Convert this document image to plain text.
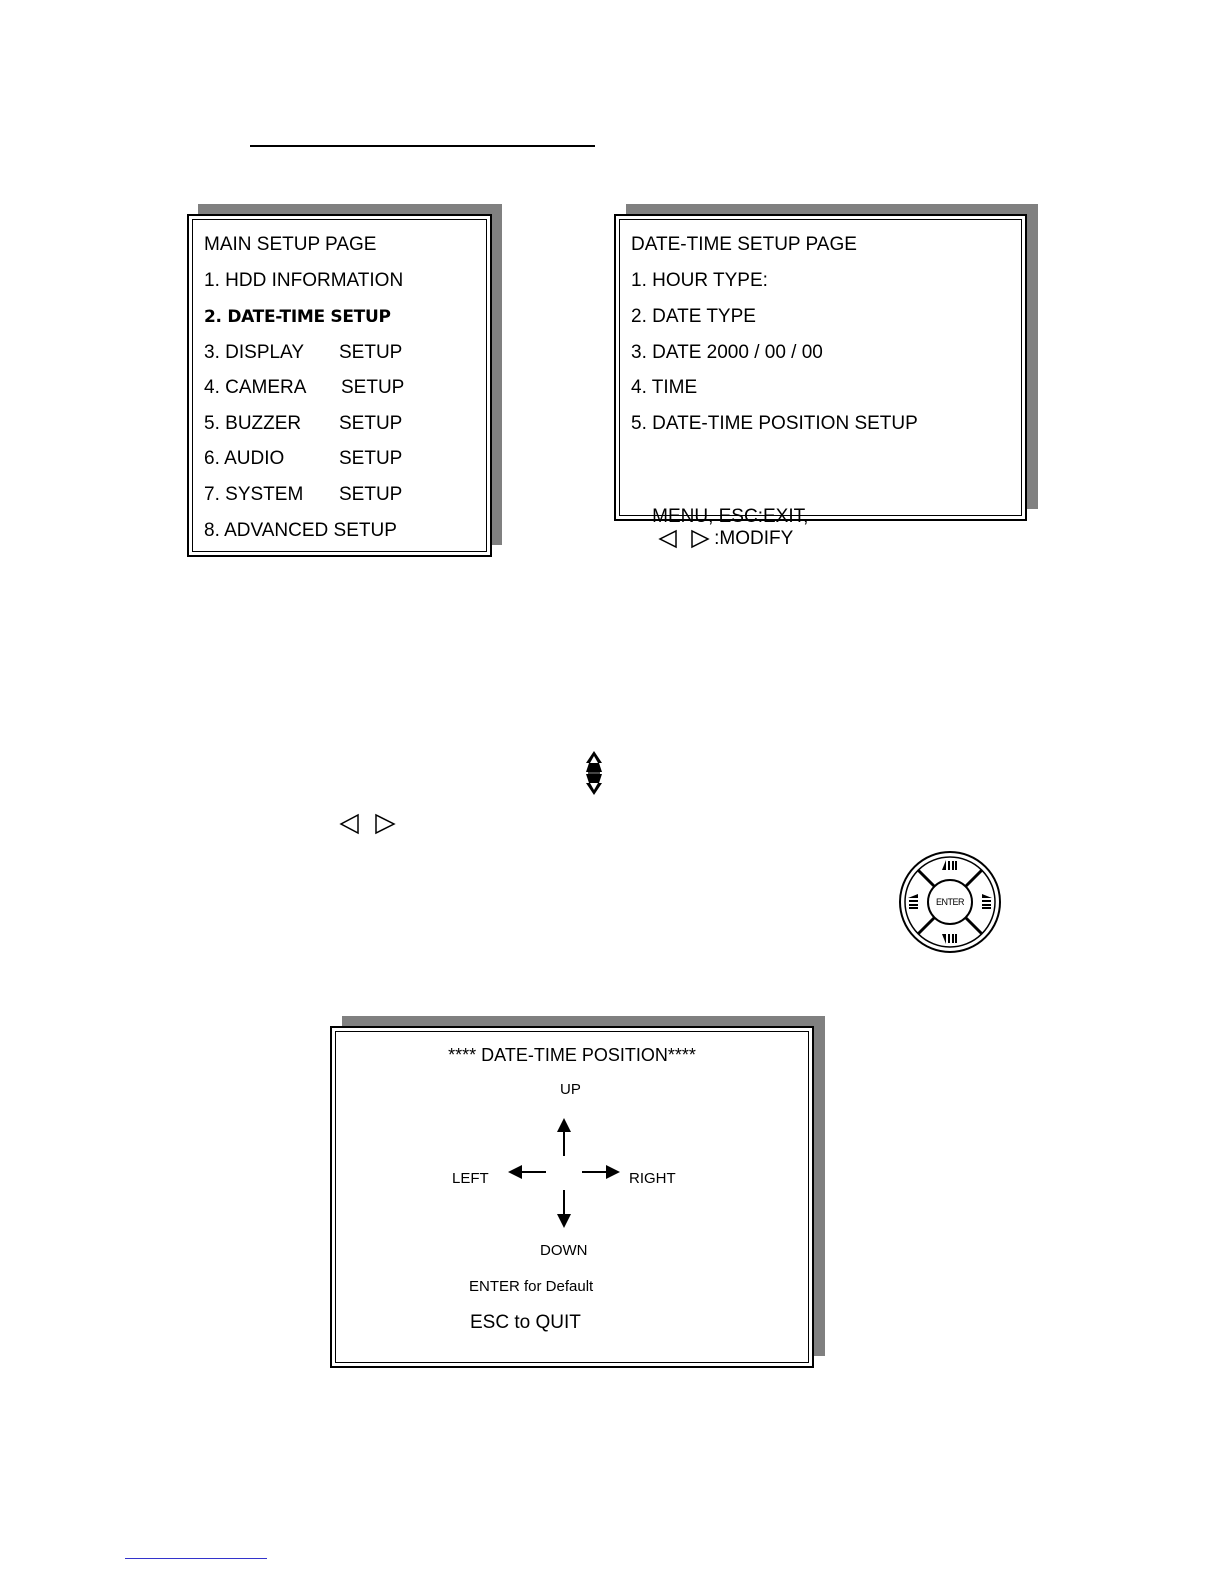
MAIN SETUP PAGE
1. HDD INFORMATION
2. DATE-TIME SETUP
3. DISPLAY SETUP
4. CAMERA SETUP
5. BUZZER SETUP
6. AUDIO	SETUP
7. SYSTEM SETUP
8. ADVANCED SETUP
DATE-TIME SETUP PAGE
1. HOUR TYPE:
2. DATE TYPE
3. DATE 2000 / 00 / 00
4. TIME
5. DATE-TIME POSITION SETUP

MENU, ESC:EXIT,
:MODIFY

ENTER
**** DATE-TIME POSITION****
UP
LEFT	RIGHT
DOWN
ENTER for Default
ESC to QUIT
